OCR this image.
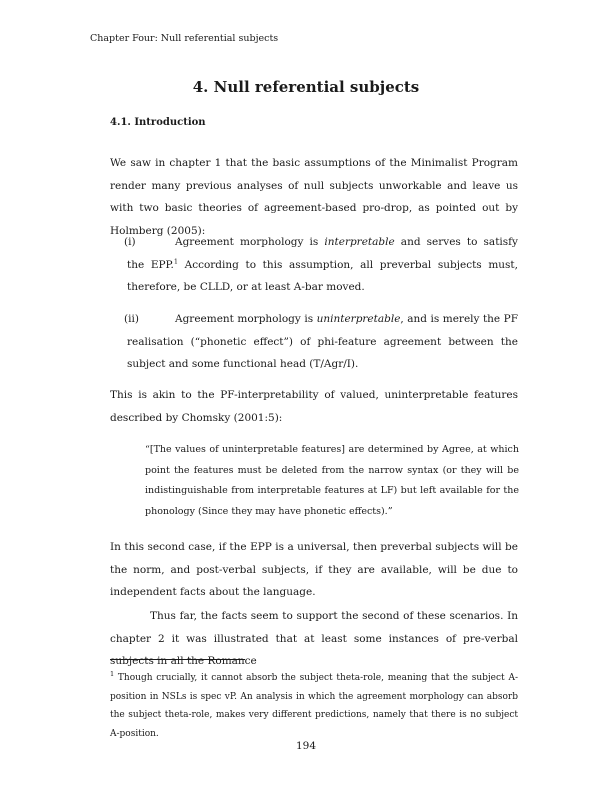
Chapter Four: Null referential subjects
4. Null referential subjects
4.1. Introduction

We saw in chapter 1 that the basic assumptions of the Minimalist Program render many previous analyses of null subjects unworkable and leave us with two basic theories of agreement-based pro-drop, as pointed out by Holmberg (2005):

(i)	Agreement morphology is interpretable and serves to satisfy the EPP.$^1$ According to this assumption, all preverbal subjects must, therefore, be CLLD, or at least A-bar moved.
(ii)	Agreement morphology is uninterpretable, and is merely the PF realisation (“phonetic effect”) of phi-feature agreement between the subject and some functional head (T/Agr/I).

This is akin to the PF-interpretability of valued, uninterpretable features described by Chomsky (2001:5):

“[The values of uninterpretable features] are determined by Agree, at which point the features must be deleted from the narrow syntax (or they will be indistinguishable from interpretable features at LF) but left available for the phonology (Since they may have phonetic effects).”

In this second case, if the EPP is a universal, then preverbal subjects will be the norm, and post-verbal subjects, if they are available, will be due to independent facts about the language.

Thus far, the facts seem to support the second of these scenarios. In chapter 2 it was illustrated that at least some instances of pre-verbal subjects in all the Romance

$^1$ Though crucially, it cannot absorb the subject theta-role, meaning that the subject A-position in NSLs is spec vP. An analysis in which the agreement morphology can absorb the subject theta-role, makes very different predictions, namely that there is no subject A-position.

194
